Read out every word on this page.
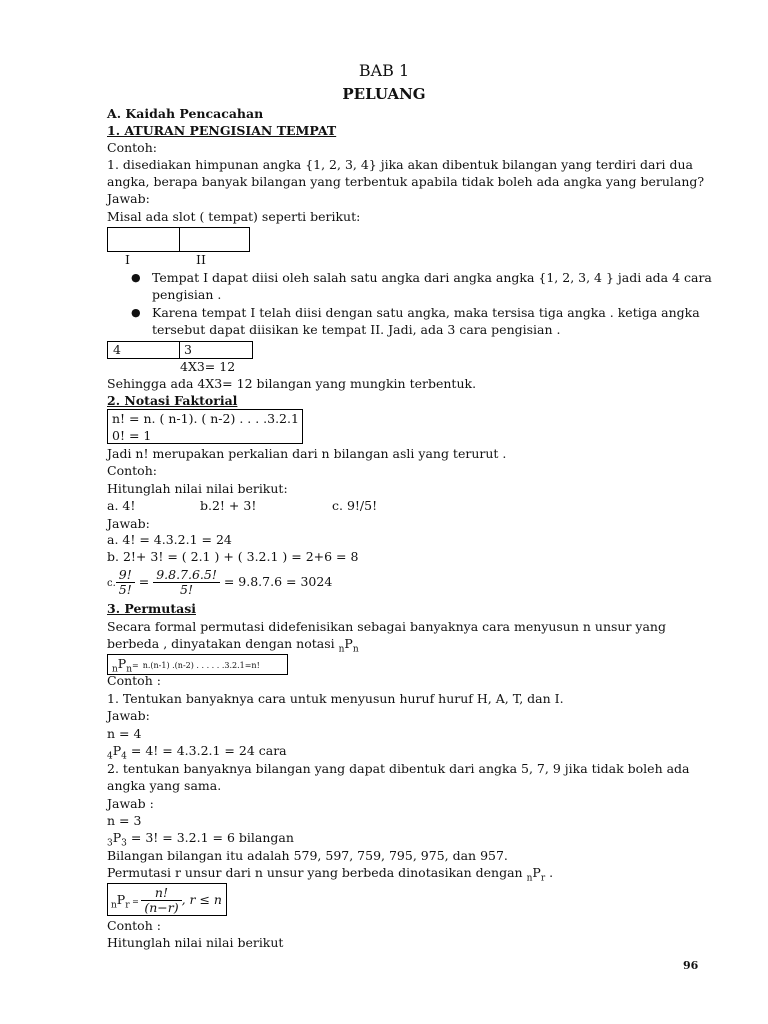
BAB 1
PELUANG
A. Kaidah Pencacahan
1. ATURAN PENGISIAN TEMPAT
Contoh:
1. disediakan himpunan angka {1, 2, 3, 4} jika akan dibentuk bilangan yang terdiri dari dua
angka, berapa banyak bilangan yang terbentuk apabila tidak boleh ada angka yang berulang?
Jawab:
Misal ada slot ( tempat) seperti berikut:
I	II
● Tempat I dapat diisi oleh salah satu angka dari angka angka {1, 2, 3, 4 } jadi ada 4 cara
pengisian .
● Karena tempat I telah diisi dengan satu angka, maka tersisa tiga angka . ketiga angka
tersebut dapat diisikan ke tempat II. Jadi, ada 3 cara pengisian .
4	3
4X3= 12
Sehingga ada 4X3= 12 bilangan yang mungkin terbentuk.
2. Notasi Faktorial
n! = n. ( n-1). ( n-2) . . . .3.2.1
0! = 1
Jadi n! merupakan perkalian dari n bilangan asli yang terurut .
Contoh:
Hitunglah nilai nilai berikut:
a. 4!	b.2! + 3!	c. 9!/5!
Jawab:
a. 4! = 4.3.2.1 = 24
b. 2!+ 3! = ( 2.1 ) + ( 3.2.1 ) = 2+6 = 8
c. $\frac{9!}{5!} = \frac{9.8.7.6.5!}{5!} = 9.8.7.6 = 3024$
3. Permutasi
Secara formal permutasi didefenisikan sebagai banyaknya cara menyusun n unsur yang
berbeda , dinyatakan dengan notasi $_nP_n$
$_nP_n= n.(n-1)$ .(n-2) . . . . . .3.2.1=n!
Contoh :
1. Tentukan banyaknya cara untuk menyusun huruf huruf H, A, T, dan I.
Jawab:
n = 4
$_4P_4 = 4$! = 4.3.2.1 = 24 cara
2. tentukan banyaknya bilangan yang dapat dibentuk dari angka 5, 7, 9 jika tidak boleh ada
angka yang sama.
Jawab :
n = 3
$_3P_3 = 3$! = 3.2.1 = 6 bilangan
Bilangan bilangan itu adalah 579, 597, 759, 795, 975, dan 957.
Permutasi r unsur dari n unsur yang berbeda dinotasikan dengan $_nP_r$ .
$_nP_r = \frac{n!}{(n-r)}$ , r ≤ n
Contoh :
Hitunglah nilai nilai berikut
96
